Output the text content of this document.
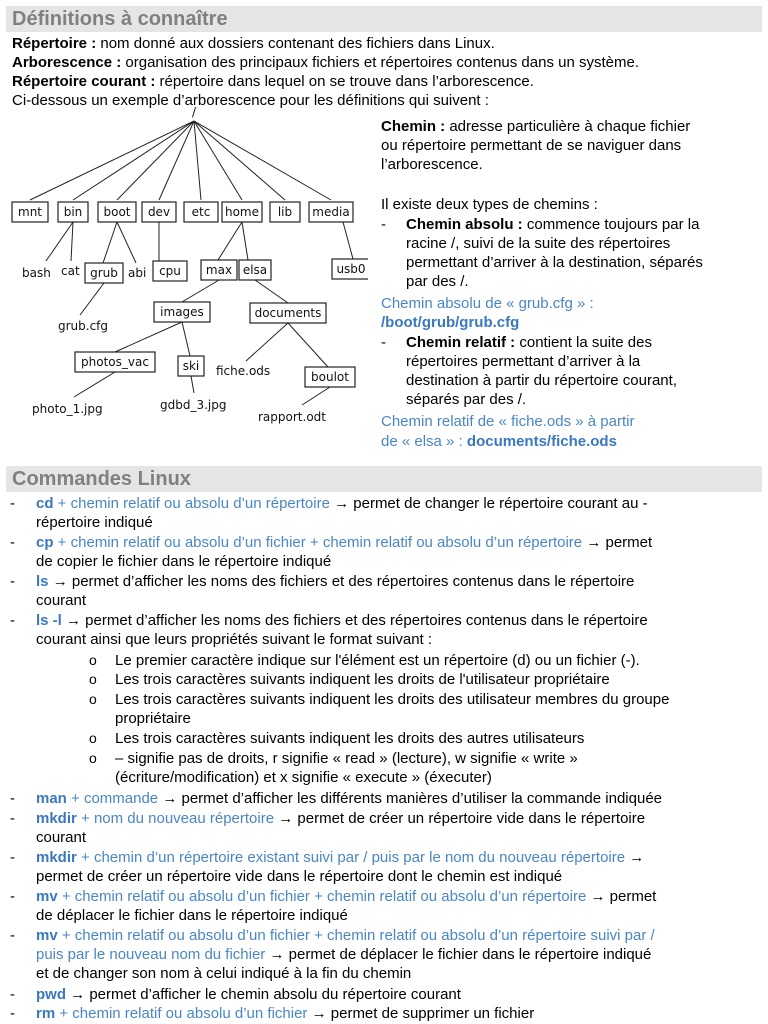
Définitions à connaître
Répertoire : nom donné aux dossiers contenant des fichiers dans Linux.
Arborescence : organisation des principaux fichiers et répertoires contenus dans un système.
Répertoire courant : répertoire dans lequel on se trouve dans l’arborescence.
Ci-dessous un exemple d’arborescence pour les définitions qui suivent :
/
mnt bin boot dev etc home lib media
bash cat grub abi cpu max elsa	usb0
grub.cfg
images	documents
photos_vac	ski fiche.ods	boulot
photo_1.jpg	gdbd_3.jpg
rapport.odt
Chemin : adresse particulière à chaque fichier
ou répertoire permettant de se naviguer dans
l’arborescence.
Il existe deux types de chemins :
- Chemin absolu : commence toujours par la
racine /, suivi de la suite des répertoires
permettant d’arriver à la destination, séparés
par des /.
Chemin absolu de « grub.cfg » :
/boot/grub/grub.cfg
- Chemin relatif : contient la suite des
répertoires permettant d’arriver à la
destination à partir du répertoire courant,
séparés par des /.
Chemin relatif de « fiche.ods » à partir
de « elsa » : documents/fiche.ods
Commandes Linux
- cd + chemin relatif ou absolu d’un répertoire → permet de changer le répertoire courant au -
répertoire indiqué
- cp + chemin relatif ou absolu d’un fichier + chemin relatif ou absolu d’un répertoire → permet
de copier le fichier dans le répertoire indiqué
- ls → permet d’afficher les noms des fichiers et des répertoires contenus dans le répertoire
courant
- ls -l → permet d’afficher les noms des fichiers et des répertoires contenus dans le répertoire
courant ainsi que leurs propriétés suivant le format suivant :
o Le premier caractère indique sur l'élément est un répertoire (d) ou un fichier (-).
o Les trois caractères suivants indiquent les droits de l'utilisateur propriétaire
o Les trois caractères suivants indiquent les droits des utilisateur membres du groupe
propriétaire
o Les trois caractères suivants indiquent les droits des autres utilisateurs
o – signifie pas de droits, r signifie « read » (lecture), w signifie « write »
(écriture/modification) et x signifie « execute » (éxecuter)
- man + commande → permet d’afficher les différents manières d’utiliser la commande indiquée
- mkdir + nom du nouveau répertoire → permet de créer un répertoire vide dans le répertoire
courant
- mkdir + chemin d’un répertoire existant suivi par / puis par le nom du nouveau répertoire →
permet de créer un répertoire vide dans le répertoire dont le chemin est indiqué
- mv + chemin relatif ou absolu d’un fichier + chemin relatif ou absolu d’un répertoire → permet
de déplacer le fichier dans le répertoire indiqué
- mv + chemin relatif ou absolu d’un fichier + chemin relatif ou absolu d’un répertoire suivi par /
puis par le nouveau nom du fichier → permet de déplacer le fichier dans le répertoire indiqué
et de changer son nom à celui indiqué à la fin du chemin
- pwd → permet d’afficher le chemin absolu du répertoire courant
- rm + chemin relatif ou absolu d’un fichier → permet de supprimer un fichier
